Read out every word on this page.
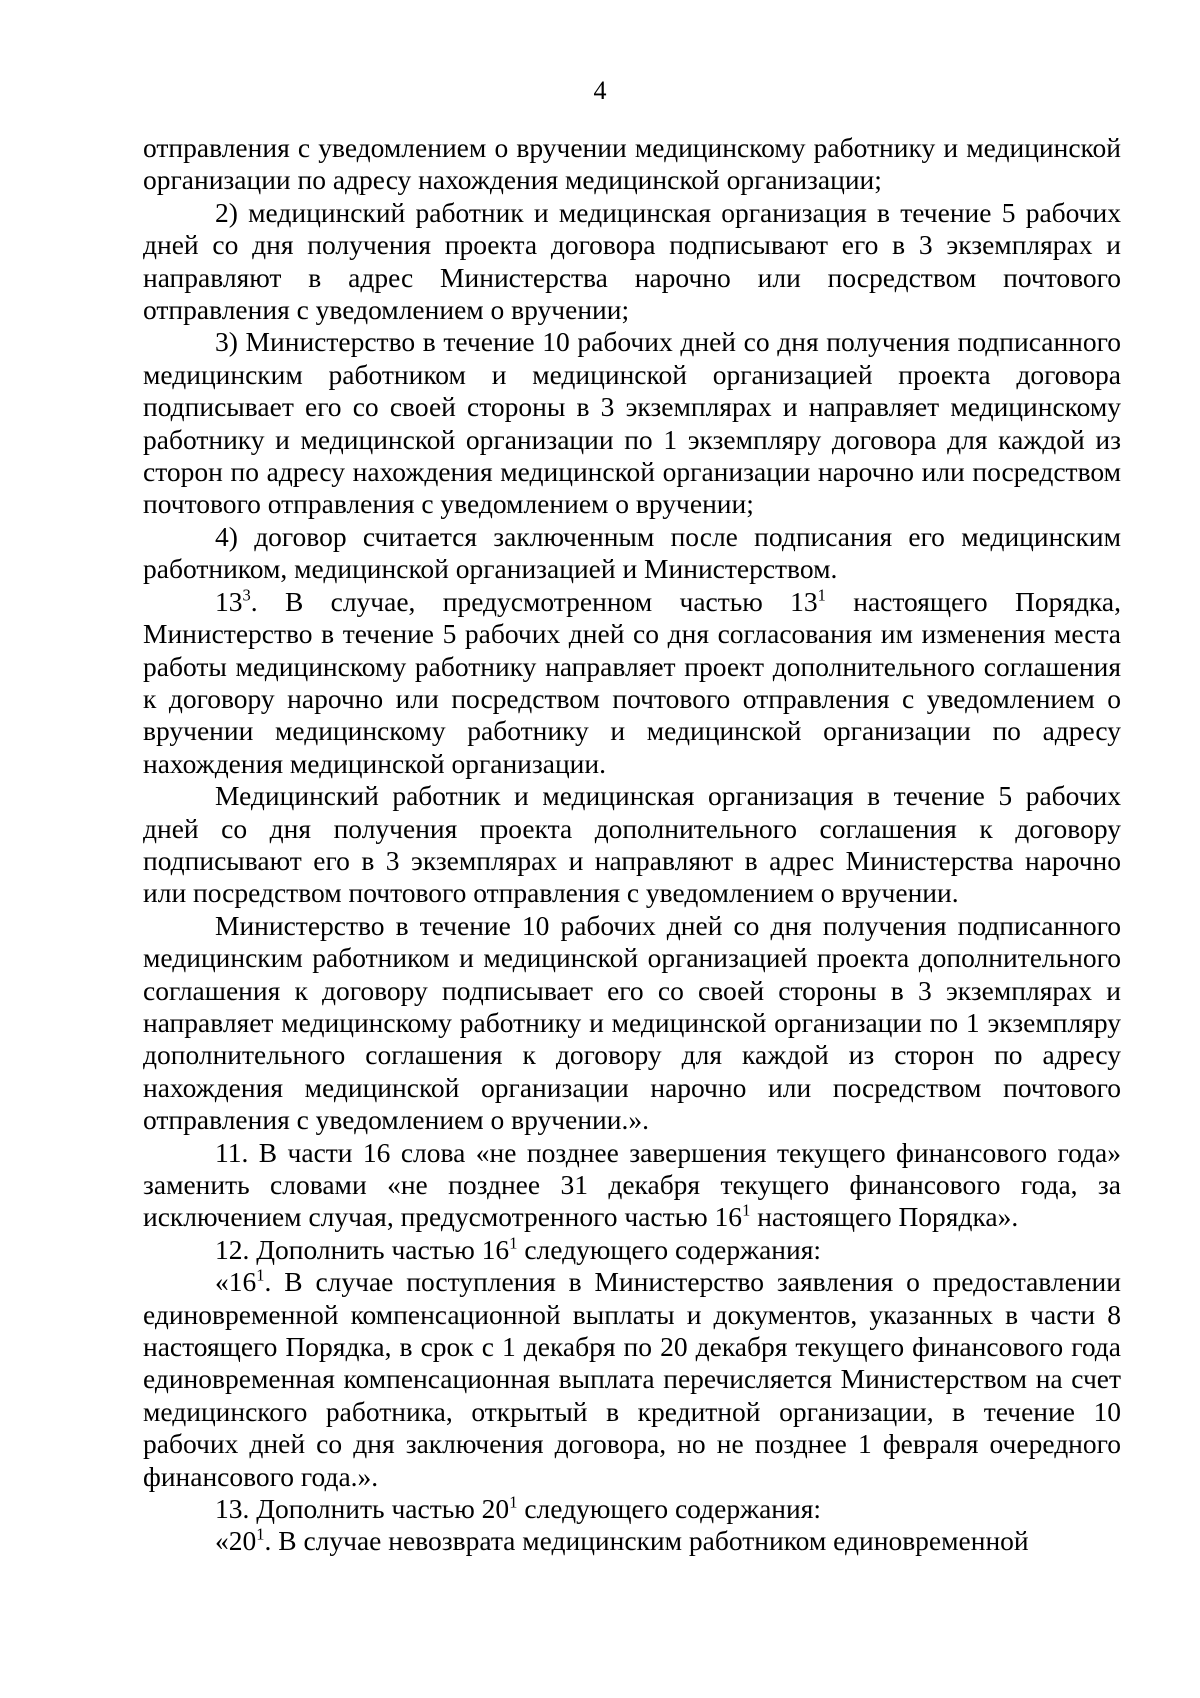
4

отправления с уведомлением о вручении медицинскому работнику и медицинской организации по адресу нахождения медицинской организации;

2) медицинский работник и медицинская организация в течение 5 рабочих дней со дня получения проекта договора подписывают его в 3 экземплярах и направляют в адрес Министерства нарочно или посредством почтового отправления с уведомлением о вручении;

3) Министерство в течение 10 рабочих дней со дня получения подписанного медицинским работником и медицинской организацией проекта договора подписывает его со своей стороны в 3 экземплярах и направляет медицинскому работнику и медицинской организации по 1 экземпляру договора для каждой из сторон по адресу нахождения медицинской организации нарочно или посредством почтового отправления с уведомлением о вручении;

4) договор считается заключенным после подписания его медицинским работником, медицинской организацией и Министерством.

$13^3$. В случае, предусмотренном частью $13^1$ настоящего Порядка, Министерство в течение 5 рабочих дней со дня согласования им изменения места работы медицинскому работнику направляет проект дополнительного соглашения к договору нарочно или посредством почтового отправления с уведомлением о вручении медицинскому работнику и медицинской организации по адресу нахождения медицинской организации.

Медицинский работник и медицинская организация в течение 5 рабочих дней со дня получения проекта дополнительного соглашения к договору подписывают его в 3 экземплярах и направляют в адрес Министерства нарочно или посредством почтового отправления с уведомлением о вручении.

Министерство в течение 10 рабочих дней со дня получения подписанного медицинским работником и медицинской организацией проекта дополнительного соглашения к договору подписывает его со своей стороны в 3 экземплярах и направляет медицинскому работнику и медицинской организации по 1 экземпляру дополнительного соглашения к договору для каждой из сторон по адресу нахождения медицинской организации нарочно или посредством почтового отправления с уведомлением о вручении.».

11. В части 16 слова «не позднее завершения текущего финансового года» заменить словами «не позднее 31 декабря текущего финансового года, за исключением случая, предусмотренного частью $16^1$ настоящего Порядка».

12. Дополнить частью $16^1$ следующего содержания:

«$16^1$. В случае поступления в Министерство заявления о предоставлении единовременной компенсационной выплаты и документов, указанных в части 8 настоящего Порядка, в срок с 1 декабря по 20 декабря текущего финансового года единовременная компенсационная выплата перечисляется Министерством на счет медицинского работника, открытый в кредитной организации, в течение 10 рабочих дней со дня заключения договора, но не позднее 1 февраля очередного финансового года.».

13. Дополнить частью $20^1$ следующего содержания:

«$20^1$. В случае невозврата медицинским работником единовременной
